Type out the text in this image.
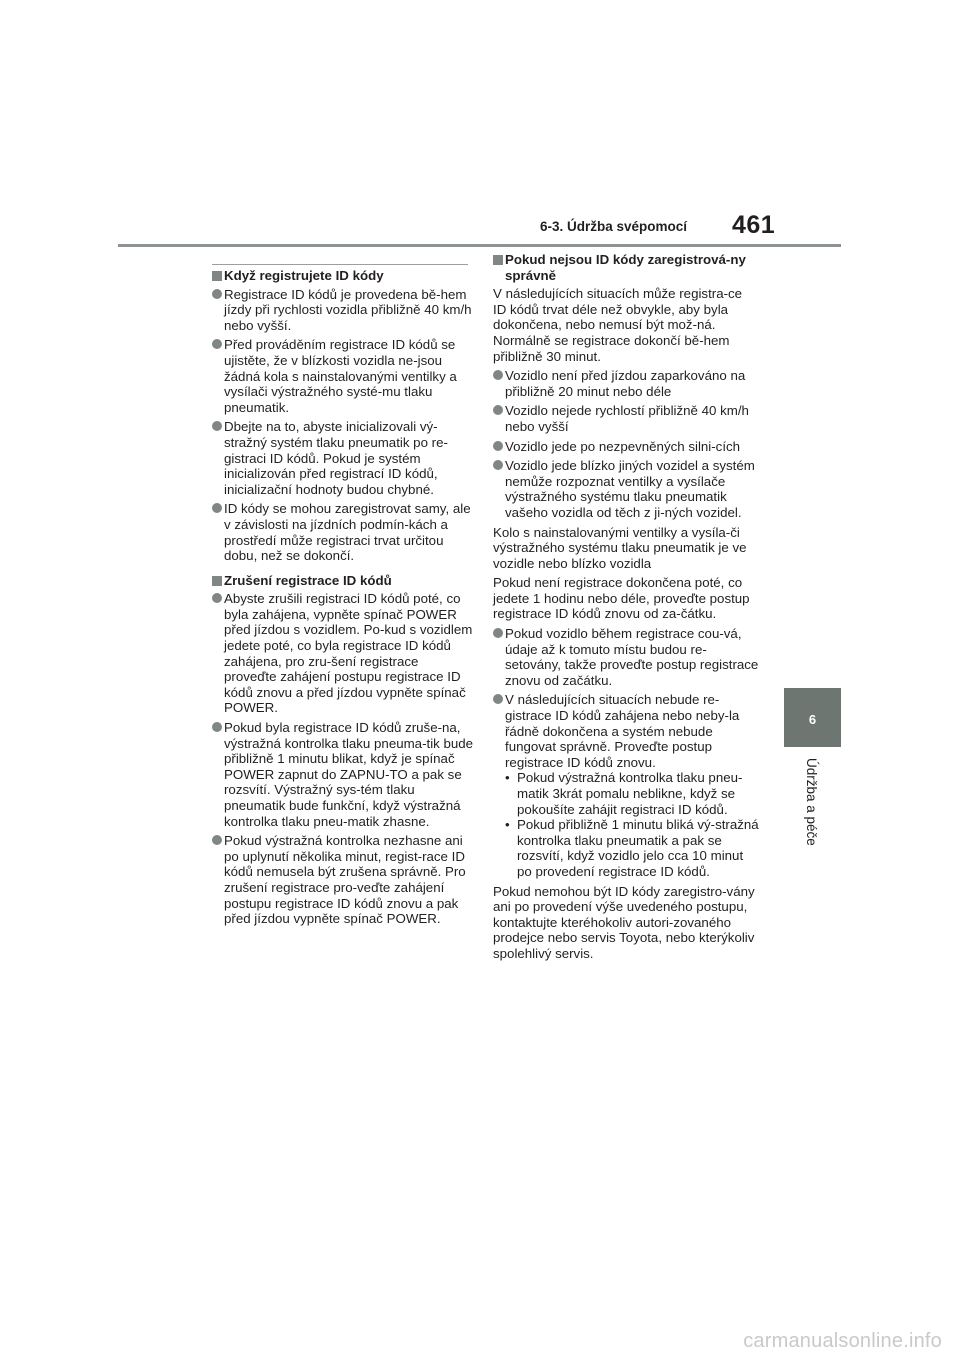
6-3. Údržba svépomocí 461
6
Údržba a péče
Když registrujete ID kódy
Registrace ID kódů je provedena bě-hem jízdy při rychlosti vozidla přibližně 40 km/h nebo vyšší.
Před prováděním registrace ID kódů se ujistěte, že v blízkosti vozidla ne-jsou žádná kola s nainstalovanými ventilky a vysílači výstražného systé-mu tlaku pneumatik.
Dbejte na to, abyste inicializovali vý-stražný systém tlaku pneumatik po re-gistraci ID kódů. Pokud je systém inicializován před registrací ID kódů, inicializační hodnoty budou chybné.
ID kódy se mohou zaregistrovat samy, ale v závislosti na jízdních podmín-kách a prostředí může registraci trvat určitou dobu, než se dokončí.
Zrušení registrace ID kódů
Abyste zrušili registraci ID kódů poté, co byla zahájena, vypněte spínač POWER před jízdou s vozidlem. Po-kud s vozidlem jedete poté, co byla registrace ID kódů zahájena, pro zru-šení registrace proveďte zahájení postupu registrace ID kódů znovu a před jízdou vypněte spínač POWER.
Pokud byla registrace ID kódů zruše-na, výstražná kontrolka tlaku pneuma-tik bude přibližně 1 minutu blikat, když je spínač POWER zapnut do ZAPNU-TO a pak se rozsvítí. Výstražný sys-tém tlaku pneumatik bude funkční, když výstražná kontrolka tlaku pneu-matik zhasne.
Pokud výstražná kontrolka nezhasne ani po uplynutí několika minut, regist-race ID kódů nemusela být zrušena správně. Pro zrušení registrace pro-veďte zahájení postupu registrace ID kódů znovu a pak před jízdou vypněte spínač POWER.
Pokud nejsou ID kódy zaregistrová-ny správně

V následujících situacích může registra-ce ID kódů trvat déle než obvykle, aby byla dokončena, nebo nemusí být mož-ná. Normálně se registrace dokončí bě-hem přibližně 30 minut.

Vozidlo není před jízdou zaparkováno na přibližně 20 minut nebo déle
Vozidlo nejede rychlostí přibližně 40 km/h nebo vyšší
Vozidlo jede po nezpevněných silni-cích
Vozidlo jede blízko jiných vozidel a systém nemůže rozpoznat ventilky a vysílače výstražného systému tlaku pneumatik vašeho vozidla od těch z ji-ných vozidel.

Kolo s nainstalovanými ventilky a vysíla-či výstražného systému tlaku pneumatik je ve vozidle nebo blízko vozidla

Pokud není registrace dokončena poté, co jedete 1 hodinu nebo déle, proveďte postup registrace ID kódů znovu od za-čátku.

Pokud vozidlo během registrace cou-vá, údaje až k tomuto místu budou re-setovány, takže proveďte postup registrace znovu od začátku.
V následujících situacích nebude re-gistrace ID kódů zahájena nebo neby-la řádně dokončena a systém nebude fungovat správně. Proveďte postup registrace ID kódů znovu.
• Pokud výstražná kontrolka tlaku pneu-matik 3krát pomalu neblikne, když se pokoušíte zahájit registraci ID kódů.
• Pokud přibližně 1 minutu bliká vý-stražná kontrolka tlaku pneumatik a pak se rozsvítí, když vozidlo jelo cca 10 minut po provedení registrace ID kódů.

Pokud nemohou být ID kódy zaregistro-vány ani po provedení výše uvedeného postupu, kontaktujte kteréhokoliv autori-zovaného prodejce nebo servis Toyota, nebo kterýkoliv spolehlivý servis.

carmanualsonline.info
